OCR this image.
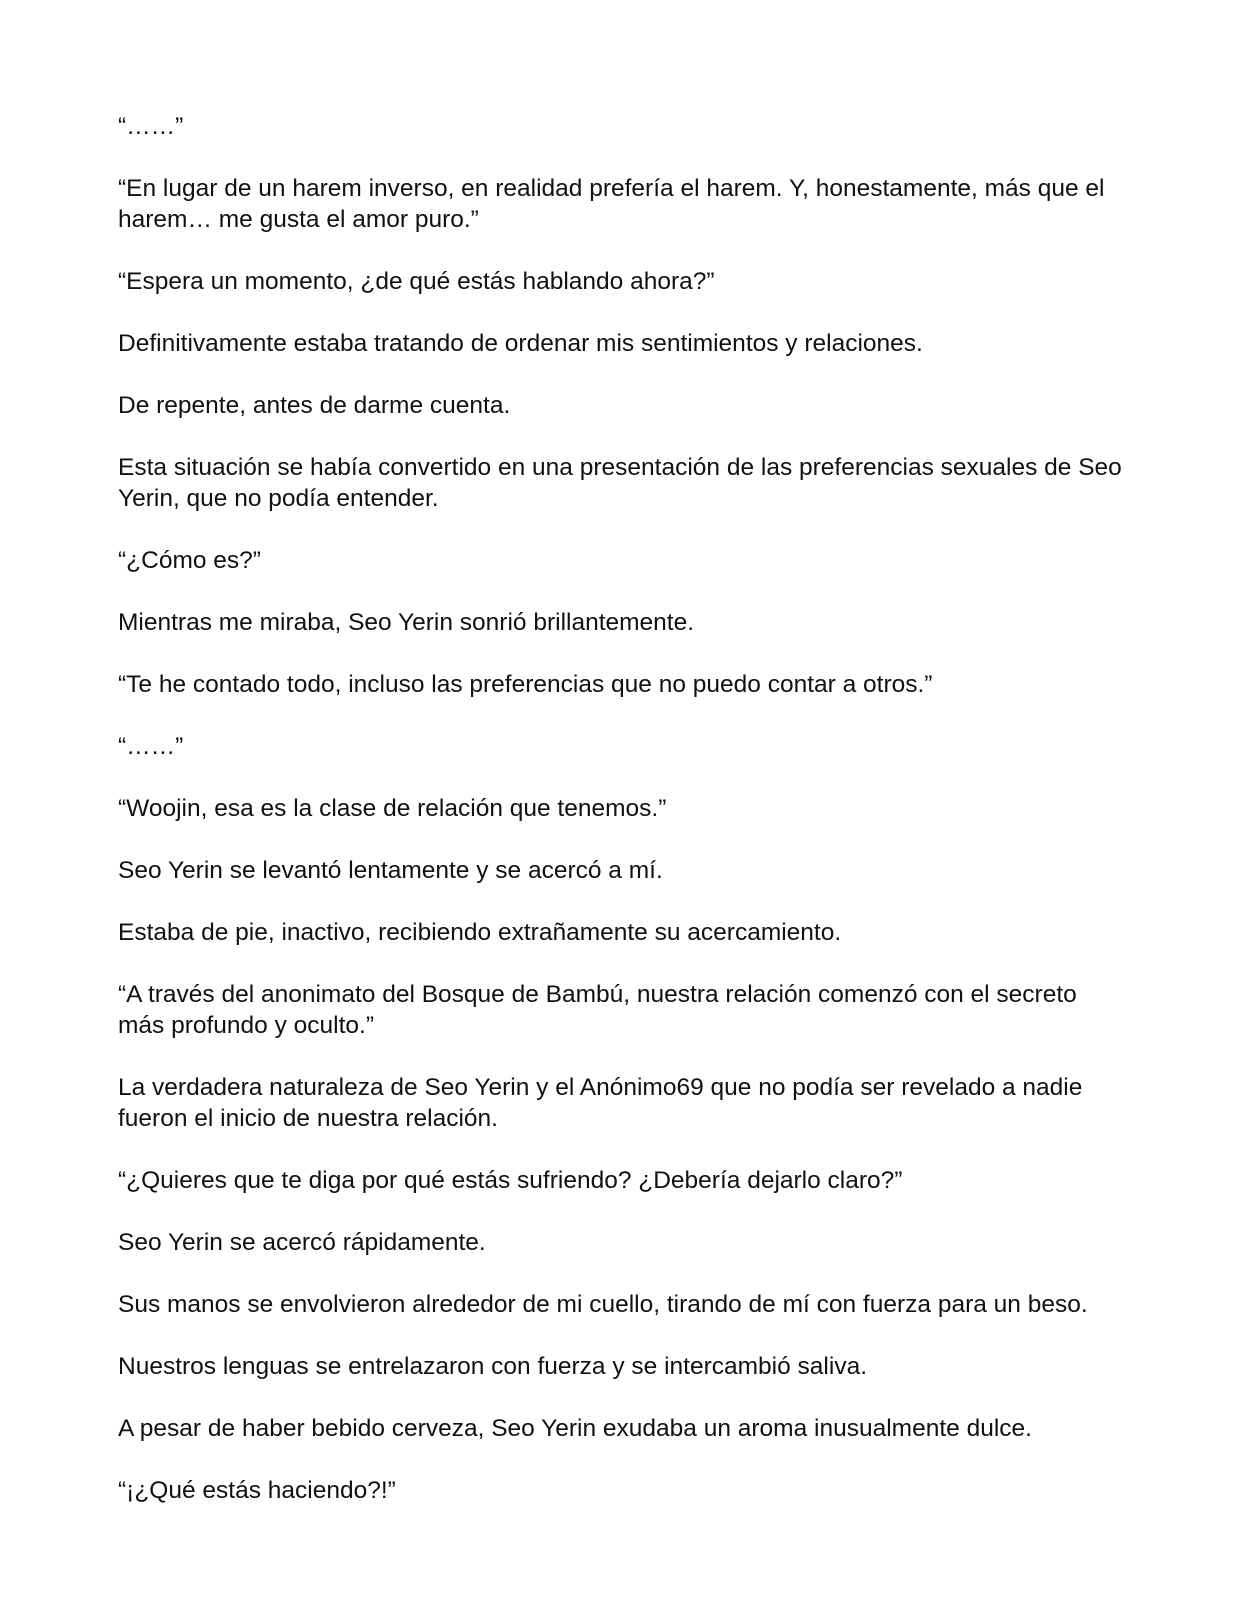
“……”

“En lugar de un harem inverso, en realidad prefería el harem. Y, honestamente, más que el harem… me gusta el amor puro.”

“Espera un momento, ¿de qué estás hablando ahora?”

Definitivamente estaba tratando de ordenar mis sentimientos y relaciones.

De repente, antes de darme cuenta.

Esta situación se había convertido en una presentación de las preferencias sexuales de Seo Yerin, que no podía entender.

“¿Cómo es?”

Mientras me miraba, Seo Yerin sonrió brillantemente.

“Te he contado todo, incluso las preferencias que no puedo contar a otros.”

“……”

“Woojin, esa es la clase de relación que tenemos.”

Seo Yerin se levantó lentamente y se acercó a mí.

Estaba de pie, inactivo, recibiendo extrañamente su acercamiento.

“A través del anonimato del Bosque de Bambú, nuestra relación comenzó con el secreto más profundo y oculto.”

La verdadera naturaleza de Seo Yerin y el Anónimo69 que no podía ser revelado a nadie fueron el inicio de nuestra relación.

“¿Quieres que te diga por qué estás sufriendo? ¿Debería dejarlo claro?”

Seo Yerin se acercó rápidamente.

Sus manos se envolvieron alrededor de mi cuello, tirando de mí con fuerza para un beso.

Nuestros lenguas se entrelazaron con fuerza y se intercambió saliva.

A pesar de haber bebido cerveza, Seo Yerin exudaba un aroma inusualmente dulce.

“¡¿Qué estás haciendo?!”
